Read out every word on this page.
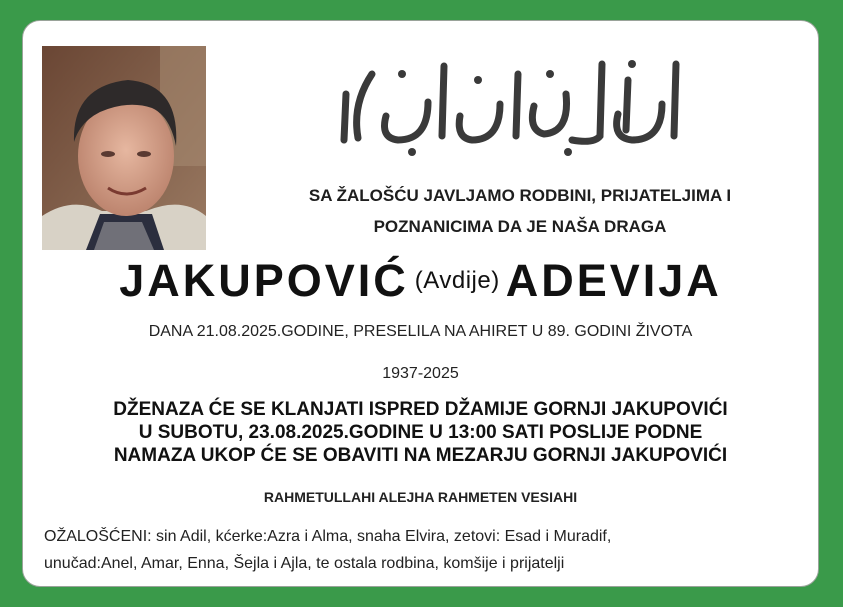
SA ŽALOŠĆU JAVLJAMO RODBINI, PRIJATELJIMA I
POZNANICIMA DA JE NAŠA DRAGA
JAKUPOVIĆ (Avdije) ADEVIJA
DANA 21.08.2025.GODINE, PRESELILA NA AHIRET U 89. GODINI ŽIVOTA
1937-2025
DŽENAZA ĆE SE KLANJATI ISPRED DŽAMIJE GORNJI JAKUPOVIĆI
U SUBOTU, 23.08.2025.GODINE U 13:00 SATI POSLIJE PODNE
NAMAZA UKOP ĆE SE OBAVITI NA MEZARJU GORNJI JAKUPOVIĆI
RAHMETULLAHI ALEJHA RAHMETEN VESIAHI
OŽALOŠĆENI: sin Adil, kćerke:Azra i Alma, snaha Elvira, zetovi: Esad i Muradif,
unučad:Anel, Amar, Enna, Šejla i Ajla, te ostala rodbina, komšije i prijatelji
